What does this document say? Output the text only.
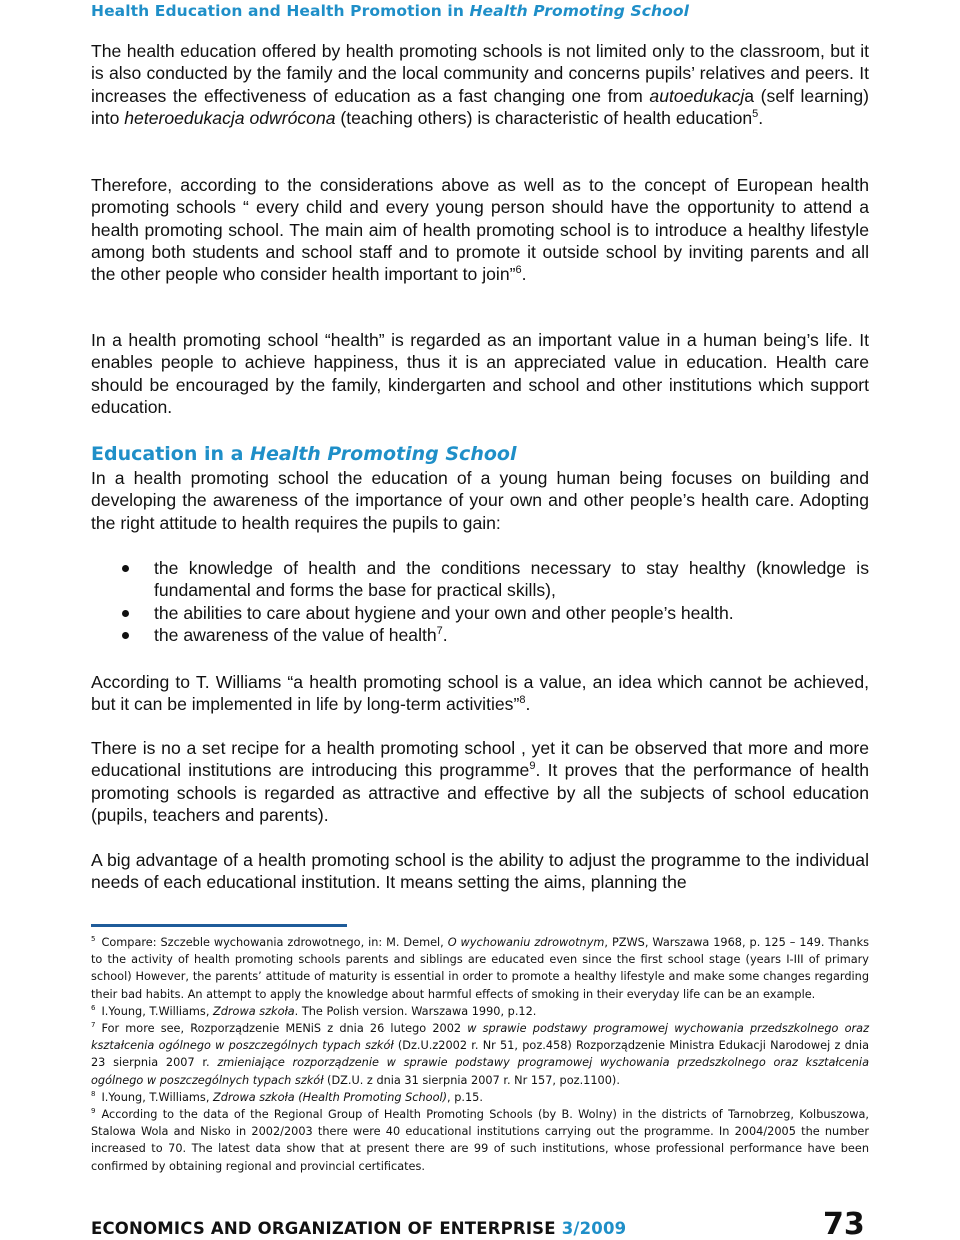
Health Education and Health Promotion in Health Promoting School

The health education offered by health promoting schools is not limited only to the classroom, but it is also conducted by the family and the local community and concerns pupils’ relatives and peers. It increases the effectiveness of education as a fast changing one from autoedukacja (self learning) into heteroedukacja odwrócona (teaching others) is characteristic of health education$^5$.

Therefore, according to the considerations above as well as to the concept of European health promoting schools “ every child and every young person should have the opportunity to attend a health promoting school. The main aim of health promoting school is to introduce a healthy lifestyle among both students and school staff and to promote it outside school by inviting parents and all the other people who consider health important to join”$^6$.

In a health promoting school “health” is regarded as an important value in a human being’s life. It enables people to achieve happiness, thus it is an appreciated value in education. Health care should be encouraged by the family, kindergarten and school and other institutions which support education.

Education in a Health Promoting School

In a health promoting school the education of a young human being focuses on building and developing the awareness of the importance of your own and other people’s health care. Adopting the right attitude to health requires the pupils to gain:

the knowledge of health and the conditions necessary to stay healthy (knowledge is fundamental and forms the base for practical skills),
the abilities to care about hygiene and your own and other people’s health.
the awareness of the value of health$^7$.

According to T. Williams “a health promoting school is a value, an idea which cannot be achieved, but it can be implemented in life by long-term activities”$^8$.

There is no a set recipe for a health promoting school , yet it can be observed that more and more educational institutions are introducing this programme$^9$. It proves that the performance of health promoting schools is regarded as attractive and effective by all the subjects of school education (pupils, teachers and parents).

A big advantage of a health promoting school is the ability to adjust the programme to the individual needs of each educational institution. It means setting the aims, planning the

$^5$ Compare: Szczeble wychowania zdrowotnego, in: M. Demel, O wychowaniu zdrowotnym, PZWS, Warszawa 1968, p. 125 – 149. Thanks to the activity of health promoting schools parents and siblings are educated even since the first school stage (years I-III of primary school) However, the parents’ attitude of maturity is essential in order to promote a healthy lifestyle and make some changes regarding their bad habits. An attempt to apply the knowledge about harmful effects of smoking in their everyday life can be an example.

$^6$ I.Young, T.Williams, Zdrowa szkoła. The Polish version. Warszawa 1990, p.12.

$^7$ For more see, Rozporządzenie MENiS z dnia 26 lutego 2002 w sprawie podstawy programowej wychowania przedszkolnego oraz kształcenia ogólnego w poszczególnych typach szkół (Dz.U.z2002 r. Nr 51, poz.458) Rozporządzenie Ministra Edukacji Narodowej z dnia 23 sierpnia 2007 r. zmieniające rozporządzenie w sprawie podstawy programowej wychowania przedszkolnego oraz kształcenia ogólnego w poszczególnych typach szkół (DZ.U. z dnia 31 sierpnia 2007 r. Nr 157, poz.1100).

$^8$ I.Young, T.Williams, Zdrowa szkoła (Health Promoting School), p.15.

$^9$ According to the data of the Regional Group of Health Promoting Schools (by B. Wolny) in the districts of Tarnobrzeg, Kolbuszowa, Stalowa Wola and Nisko in 2002/2003 there were 40 educational institutions carrying out the programme. In 2004/2005 the number increased to 70. The latest data show that at present there are 99 of such institutions, whose professional performance have been confirmed by obtaining regional and provincial certificates.

ECONOMICS AND ORGANIZATION OF ENTERPRISE 3/2009	73
